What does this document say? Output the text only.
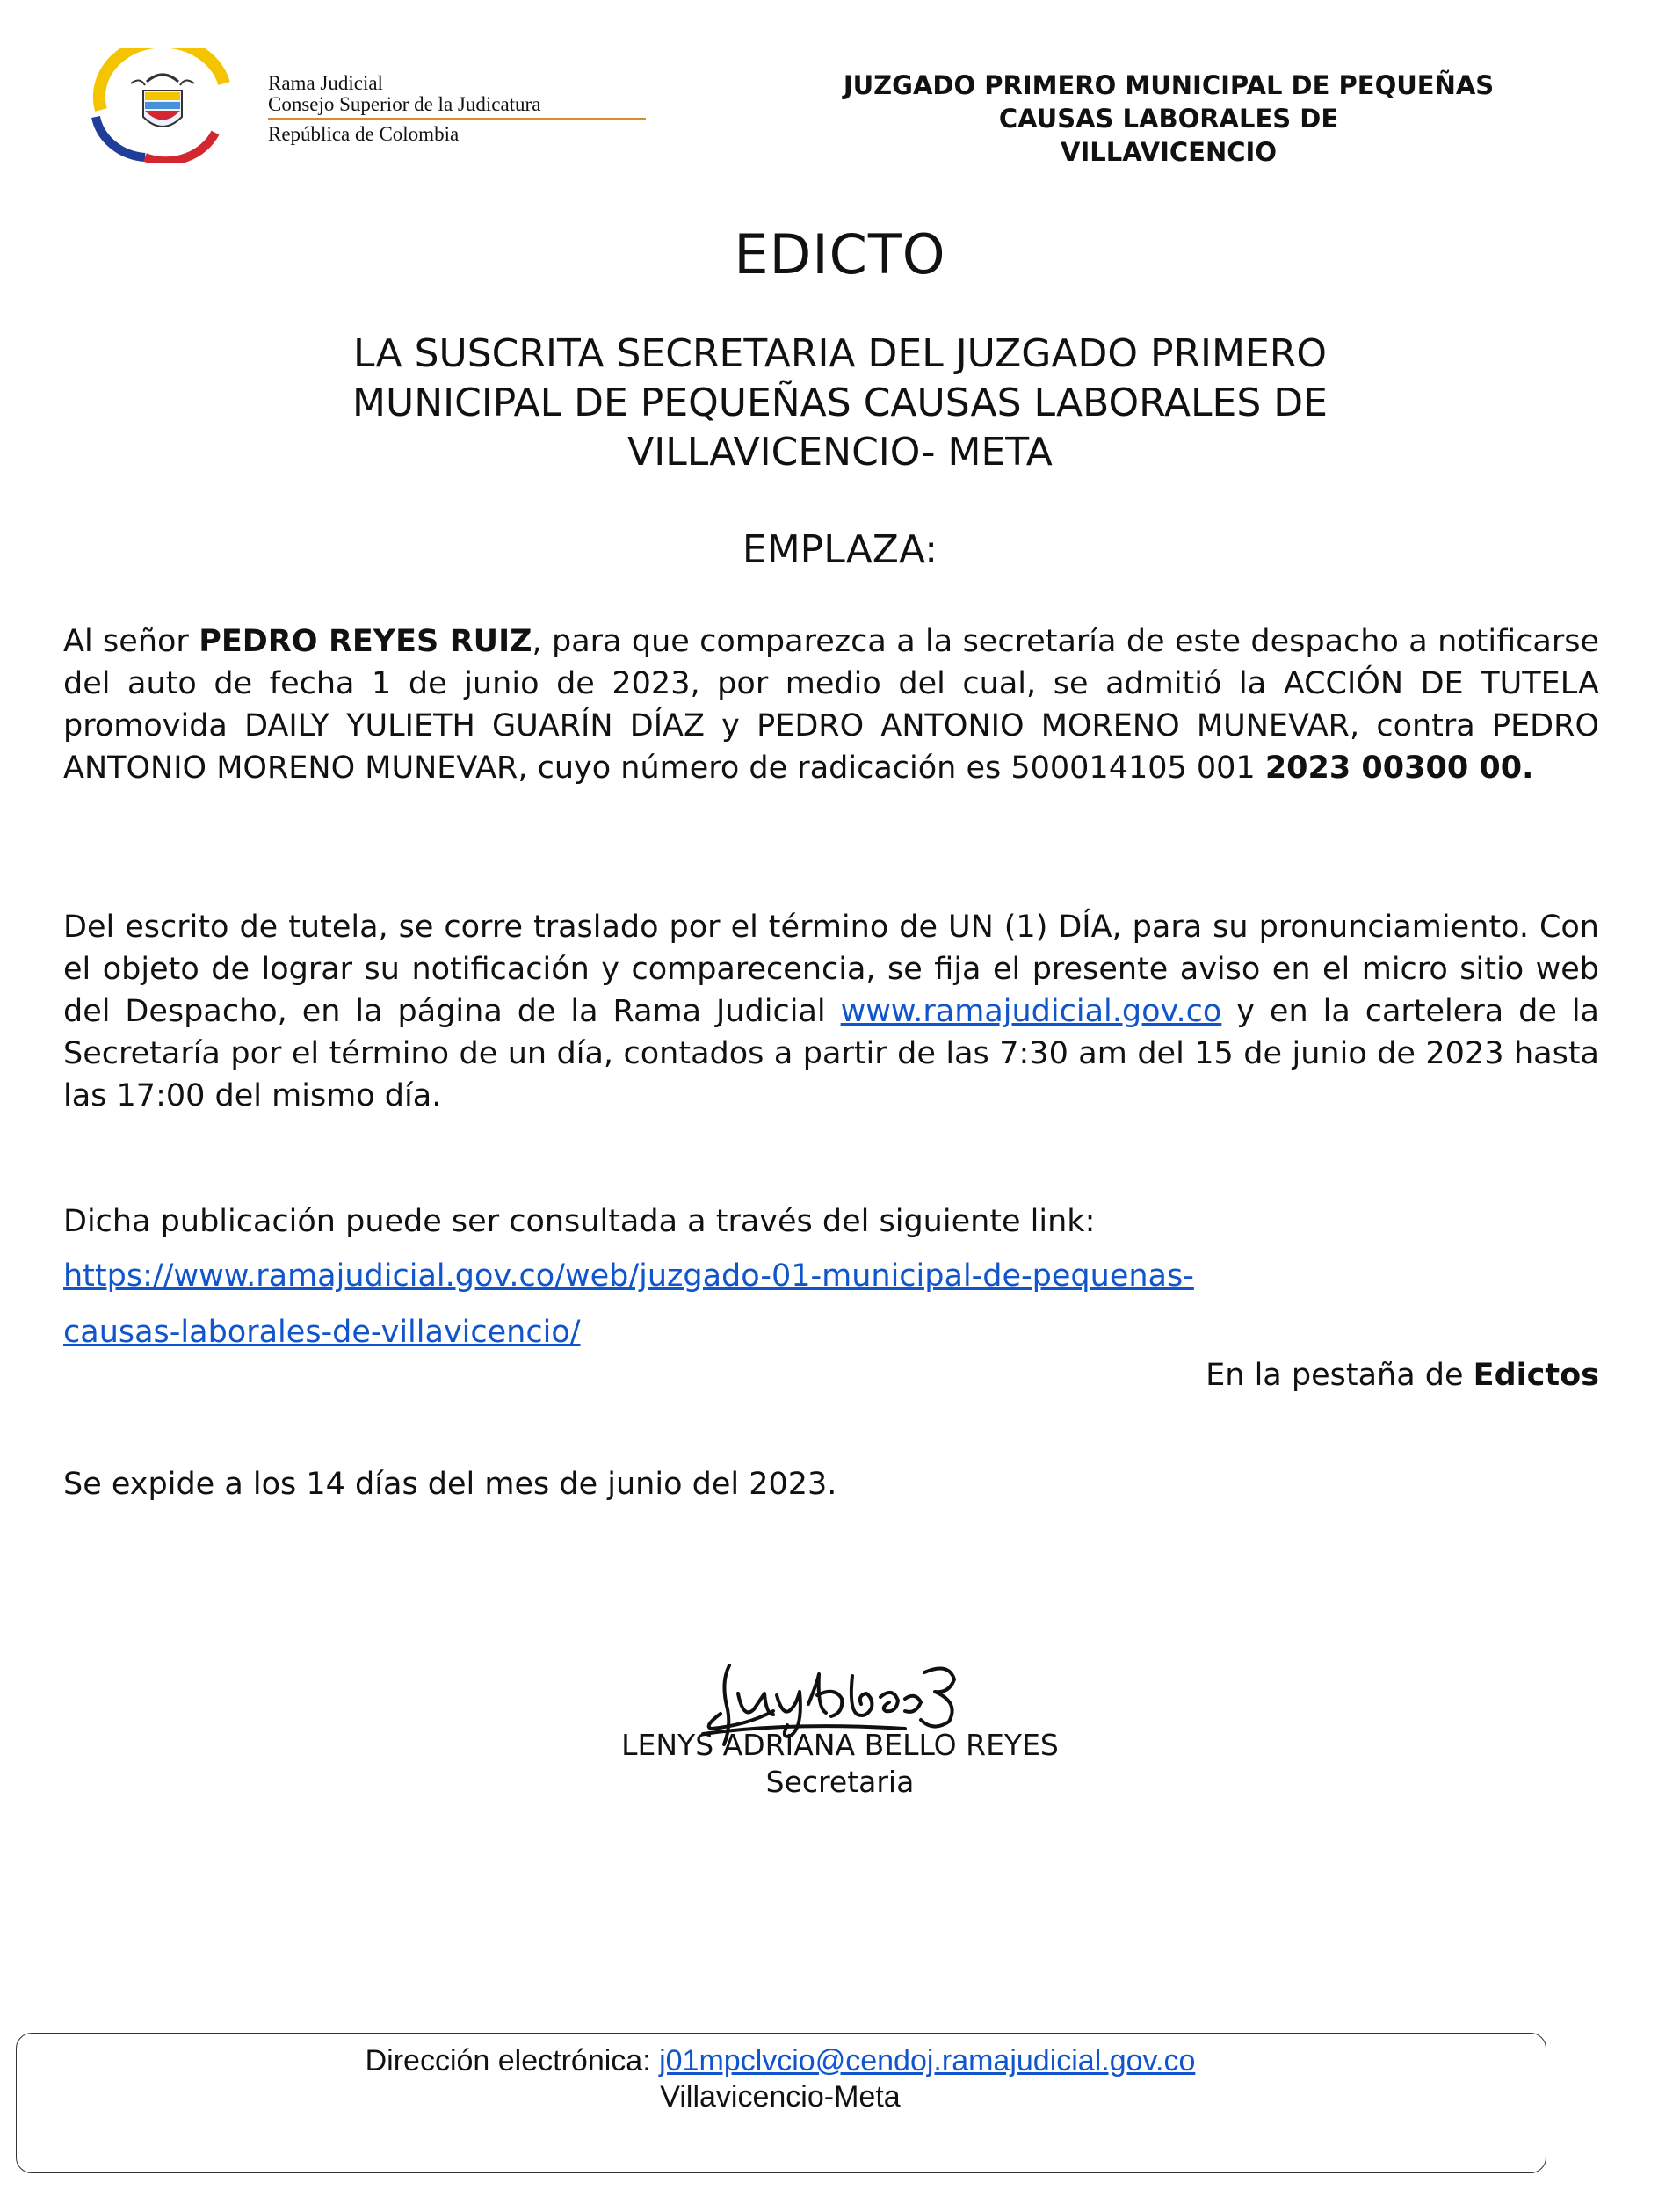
Rama Judicial
Consejo Superior de la Judicatura
República de Colombia
JUZGADO PRIMERO MUNICIPAL DE PEQUEÑAS
CAUSAS LABORALES DE
VILLAVICENCIO
EDICTO
LA SUSCRITA SECRETARIA DEL JUZGADO PRIMERO
MUNICIPAL DE PEQUEÑAS CAUSAS LABORALES DE
VILLAVICENCIO- META
EMPLAZA:
Al señor PEDRO REYES RUIZ, para que comparezca a la secretaría de este despacho a notificarse del auto de fecha 1 de junio de 2023, por medio del cual, se admitió la ACCIÓN DE TUTELA promovida DAILY YULIETH GUARÍN DÍAZ y PEDRO ANTONIO MORENO MUNEVAR, contra PEDRO ANTONIO MORENO MUNEVAR, cuyo número de radicación es 500014105 001 2023 00300 00.
Del escrito de tutela, se corre traslado por el término de UN (1) DÍA, para su pronunciamiento. Con el objeto de lograr su notificación y comparecencia, se fija el presente aviso en el micro sitio web del Despacho, en la página de la Rama Judicial www.ramajudicial.gov.co y en la cartelera de la Secretaría por el término de un día, contados a partir de las 7:30 am del 15 de junio de 2023 hasta las 17:00 del mismo día.
Dicha publicación puede ser consultada a través del siguiente link:
https://www.ramajudicial.gov.co/web/juzgado-01-municipal-de-pequenas-
causas-laborales-de-villavicencio/
En la pestaña de Edictos
Se expide a los 14 días del mes de junio del 2023.
LENYS ADRIANA BELLO REYES
Secretaria
Dirección electrónica: j01mpclvcio@cendoj.ramajudicial.gov.co
Villavicencio-Meta
